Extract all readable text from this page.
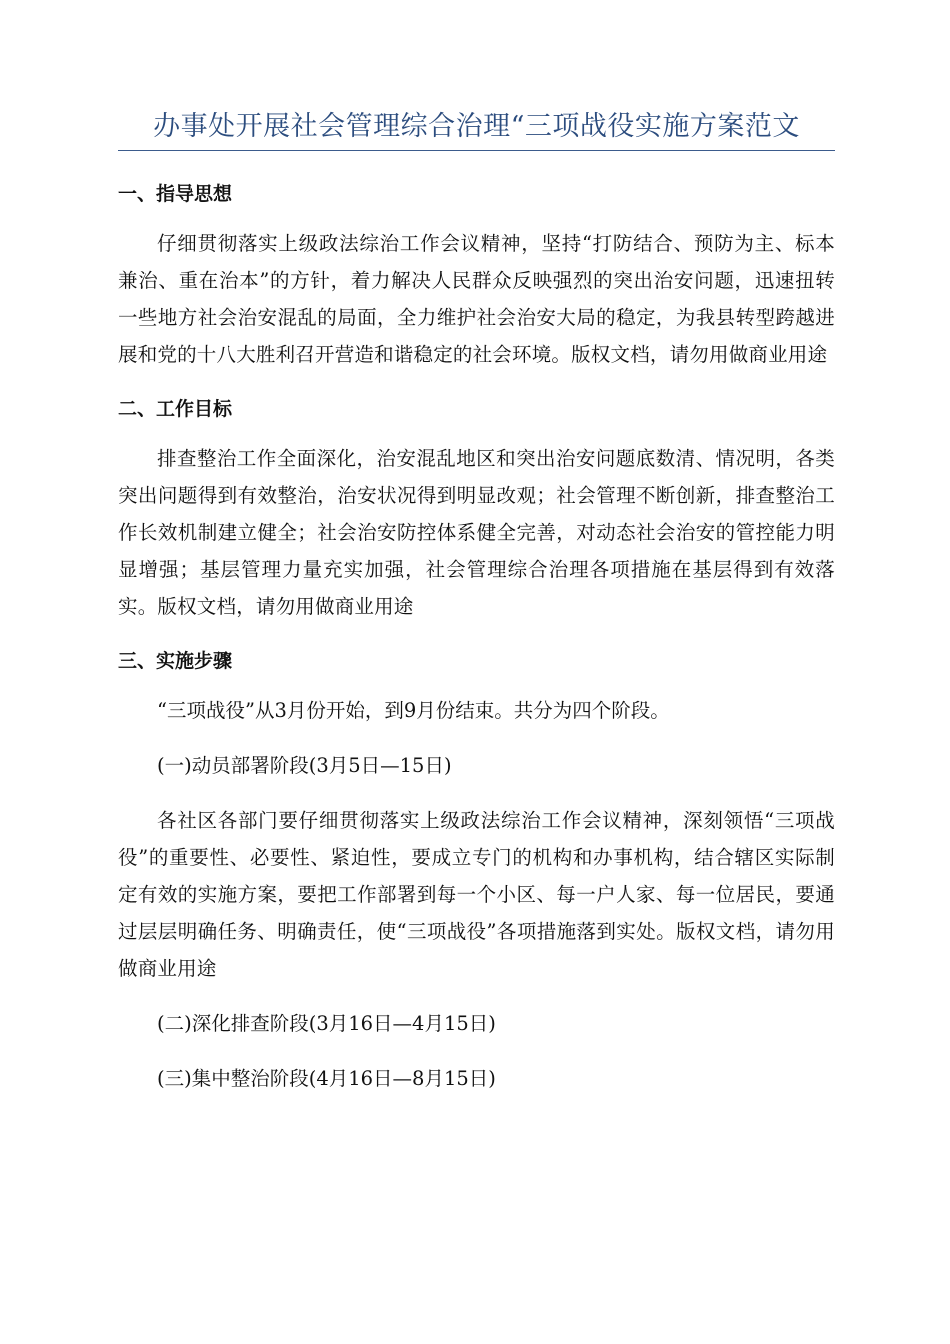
办事处开展社会管理综合治理“三项战役实施方案范文
一、指导思想

仔细贯彻落实上级政法综治工作会议精神，坚持“打防结合、预防为主、标本兼治、重在治本”的方针，着力解决人民群众反映强烈的突出治安问题，迅速扭转一些地方社会治安混乱的局面，全力维护社会治安大局的稳定，为我县转型跨越进展和党的十八大胜利召开营造和谐稳定的社会环境。版权文档，请勿用做商业用途

二、工作目标

排查整治工作全面深化，治安混乱地区和突出治安问题底数清、情况明，各类突出问题得到有效整治，治安状况得到明显改观；社会管理不断创新，排查整治工作长效机制建立健全；社会治安防控体系健全完善，对动态社会治安的管控能力明显增强；基层管理力量充实加强，社会管理综合治理各项措施在基层得到有效落实。版权文档，请勿用做商业用途

三、实施步骤

“三项战役”从3月份开始，到9月份结束。共分为四个阶段。

(一)动员部署阶段(3月5日—15日)

各社区各部门要仔细贯彻落实上级政法综治工作会议精神，深刻领悟“三项战役”的重要性、必要性、紧迫性，要成立专门的机构和办事机构，结合辖区实际制定有效的实施方案，要把工作部署到每一个小区、每一户人家、每一位居民，要通过层层明确任务、明确责任，使“三项战役”各项措施落到实处。版权文档，请勿用做商业用途

(二)深化排查阶段(3月16日—4月15日)

(三)集中整治阶段(4月16日—8月15日)
